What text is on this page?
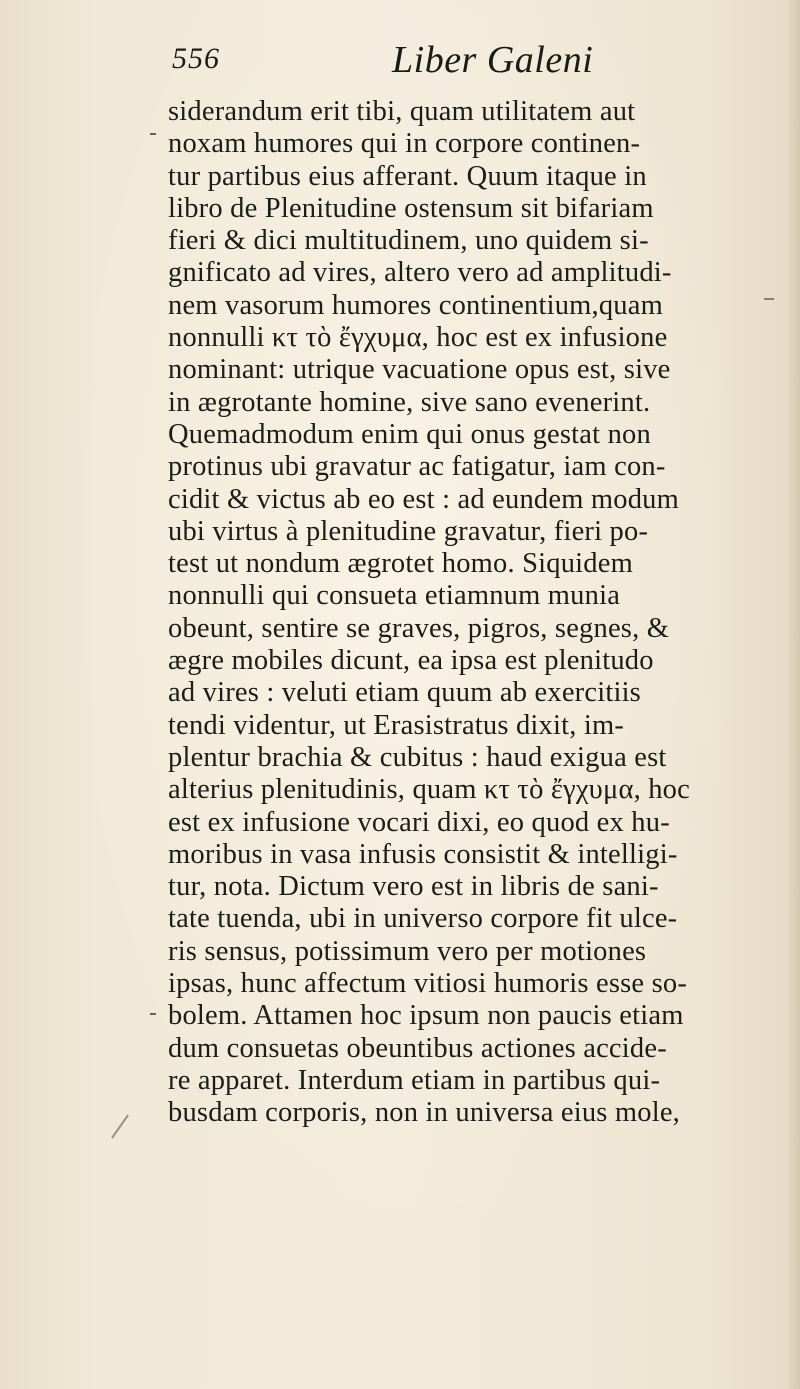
556	Liber Galeni
siderandum erit tibi, quam utilitatem aut
noxam humores qui in corpore continen-
tur partibus eius afferant. Quum itaque in
libro de Plenitudine ostensum sit bifariam
fieri & dici multitudinem, uno quidem si-
gnificato ad vires, altero vero ad amplitudi-
nem vasorum humores continentium,quam
nonnulli κτ τὸ ἔγχυμα, hoc est ex infusione
nominant: utrique vacuatione opus est, sive
in ægrotante homine, sive sano evenerint.
Quemadmodum enim qui onus gestat non
protinus ubi gravatur ac fatigatur, iam con-
cidit & victus ab eo est : ad eundem modum
ubi virtus à plenitudine gravatur, fieri po-
test ut nondum ægrotet homo. Siquidem
nonnulli qui consueta etiamnum munia
obeunt, sentire se graves, pigros, segnes, &
ægre mobiles dicunt, ea ipsa est plenitudo
ad vires : veluti etiam quum ab exercitiis
tendi videntur, ut Erasistratus dixit, im-
plentur brachia & cubitus : haud exigua est
alterius plenitudinis, quam κτ τὸ ἔγχυμα, hoc
est ex infusione vocari dixi, eo quod ex hu-
moribus in vasa infusis consistit & intelligi-
tur, nota. Dictum vero est in libris de sani-
tate tuenda, ubi in universo corpore fit ulce-
ris sensus, potissimum vero per motiones
ipsas, hunc affectum vitiosi humoris esse so-
bolem. Attamen hoc ipsum non paucis etiam
dum consuetas obeuntibus actiones accide-
re apparet. Interdum etiam in partibus qui-
busdam corporis, non in universa eius mole,
